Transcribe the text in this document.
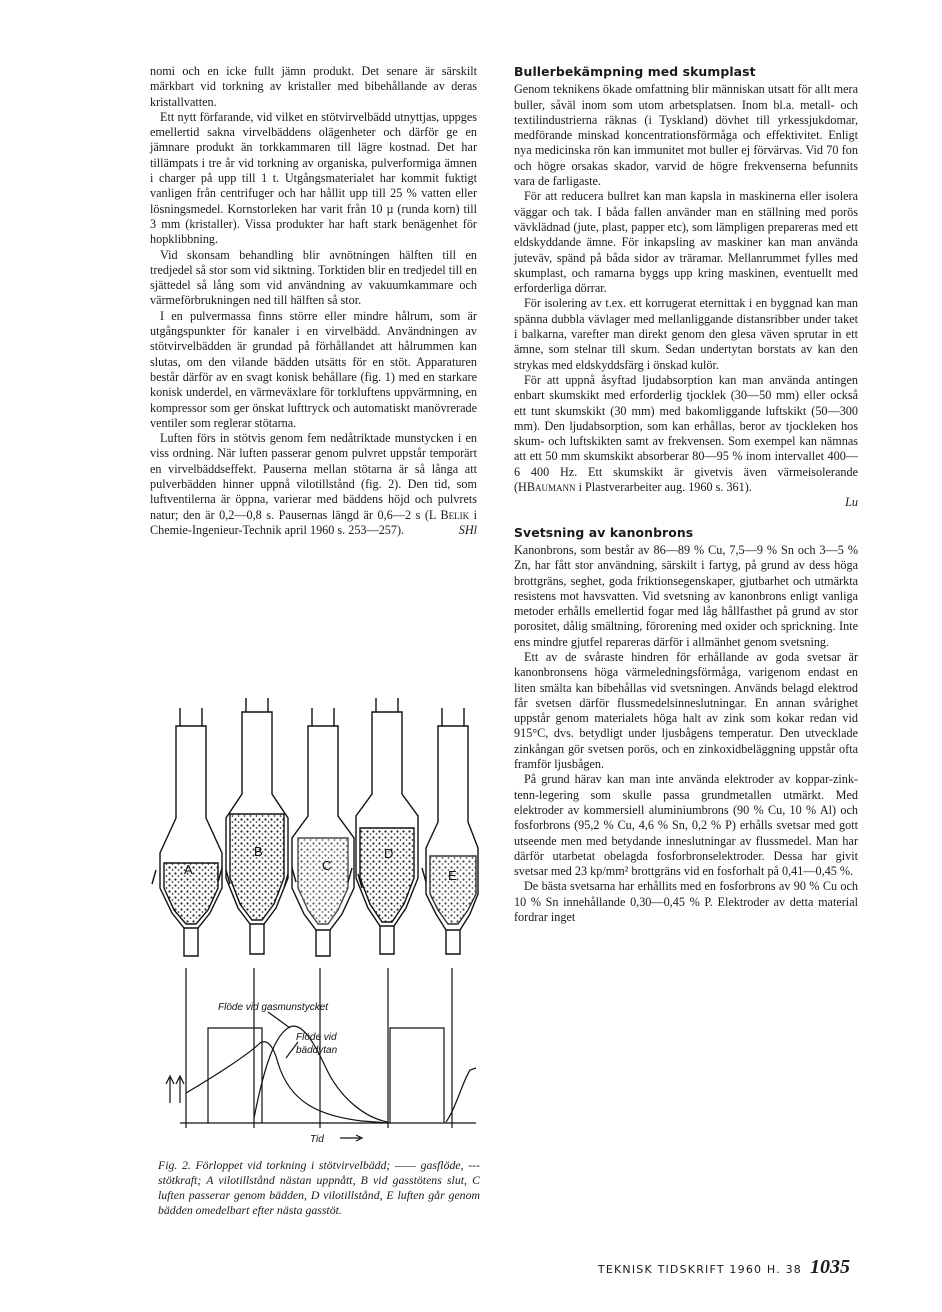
nomi och en icke fullt jämn produkt. Det senare är särskilt märkbart vid torkning av kristaller med bibehållande av deras kristallvatten.

Ett nytt förfarande, vid vilket en stötvirvelbädd utnyttjas, uppges emellertid sakna virvelbäddens olägenheter och därför ge en jämnare produkt än torkkammaren till lägre kostnad. Det har tillämpats i tre år vid torkning av organiska, pulverformiga ämnen i charger på upp till 1 t. Utgångsmaterialet har kommit fuktigt vanligen från centrifuger och har hållit upp till 25 % vatten eller lösningsmedel. Kornstorleken har varit från 10 µ (runda korn) till 3 mm (kristaller). Vissa produkter har haft stark benägenhet för hopklibbning.

Vid skonsam behandling blir avnötningen hälften till en tredjedel så stor som vid siktning. Torktiden blir en tredjedel till en sjättedel så lång som vid användning av vakuumkammare och värmeförbrukningen ned till hälften så stor.

I en pulvermassa finns större eller mindre hålrum, som är utgångspunkter för kanaler i en virvelbädd. Användningen av stötvirvelbädden är grundad på förhållandet att hålrummen kan slutas, om den vilande bädden utsätts för en stöt. Apparaturen består därför av en svagt konisk behållare (fig. 1) med en starkare konisk underdel, en värmeväxlare för torkluftens uppvärmning, en kompressor som ger önskat lufttryck och automatiskt manövrerade ventiler som reglerar stötarna.

Luften förs in stötvis genom fem nedåtriktade munstycken i en viss ordning. När luften passerar genom pulvret uppstår temporärt en virvelbäddseffekt. Pauserna mellan stötarna är så långa att pulverbädden hinner uppnå vilotillstånd (fig. 2). Den tid, som luftventilerna är öppna, varierar med bäddens höjd och pulvrets natur; den är 0,2—0,8 s. Pausernas längd är 0,6—2 s (L Belik i Chemie-Ingenieur-Technik april 1960 s. 253—257).	SHl

A
B
C
D
E
Flöde vid gasmunstycket
Flöde vid
bäddytan
Tid
Fig. 2. Förloppet vid torkning i stötvirvelbädd; —— gasflöde, --- stötkraft; A vilotillstånd nästan uppnått, B vid gasstötens slut, C luften passerar genom bädden, D vilotillstånd, E luften går genom bädden omedelbart efter nästa gasstöt.
Bullerbekämpning med skumplast

Genom teknikens ökade omfattning blir människan utsatt för allt mera buller, såväl inom som utom arbetsplatsen. Inom bl.a. metall- och textilindustrierna räknas (i Tyskland) dövhet till yrkessjukdomar, medförande minskad koncentrationsförmåga och effektivitet. Enligt nya medicinska rön kan immunitet mot buller ej förvärvas. Vid 70 fon och högre orsakas skador, varvid de högre frekvenserna befunnits vara de farligaste.

För att reducera bullret kan man kapsla in maskinerna eller isolera väggar och tak. I båda fallen använder man en ställning med porös vävklädnad (jute, plast, papper etc), som lämpligen prepareras med ett eldskyddande ämne. För inkapsling av maskiner kan man använda juteväv, spänd på båda sidor av träramar. Mellanrummet fylles med skumplast, och ramarna byggs upp kring maskinen, eventuellt med erforderliga dörrar.

För isolering av t.ex. ett korrugerat eternittak i en byggnad kan man spänna dubbla vävlager med mellanliggande distansribber under taket i balkarna, varefter man direkt genom den glesa väven sprutar in ett ämne, som stelnar till skum. Sedan undertytan borstats av kan den strykas med eldskyddsfärg i önskad kulör.

För att uppnå åsyftad ljudabsorption kan man använda antingen enbart skumskikt med erforderlig tjocklek (30—50 mm) eller också ett tunt skumskikt (30 mm) med bakomliggande luftskikt (50—300 mm). Den ljudabsorption, som kan erhållas, beror av tjockleken hos skum- och luftskikten samt av frekvensen. Som exempel kan nämnas att ett 50 mm skumskikt absorberar 80—95 % inom intervallet 400—6 400 Hz. Ett skumskikt är givetvis även värmeisolerande (HBaumann i Plastverarbeiter aug. 1960 s. 361).

Lu
Svetsning av kanonbrons

Kanonbrons, som består av 86—89 % Cu, 7,5—9 % Sn och 3—5 % Zn, har fått stor användning, särskilt i fartyg, på grund av dess höga brottgräns, seghet, goda friktionsegenskaper, gjutbarhet och utmärkta resistens mot havsvatten. Vid svetsning av kanonbrons enligt vanliga metoder erhålls emellertid fogar med låg hållfasthet på grund av stor porositet, dålig smältning, förorening med oxider och sprickning. Inte ens mindre gjutfel repareras därför i allmänhet genom svetsning.

Ett av de svåraste hindren för erhållande av goda svetsar är kanonbronsens höga värmeledningsförmåga, varigenom endast en liten smälta kan bibehållas vid svetsningen. Används belagd elektrod får svetsen därför flussmedelsinneslutningar. En annan svårighet uppstår genom materialets höga halt av zink som kokar redan vid 915°C, dvs. betydligt under ljusbågens temperatur. Den utvecklade zinkångan gör svetsen porös, och en zinkoxidbeläggning uppstår ofta framför ljusbågen.

På grund härav kan man inte använda elektroder av koppar-zink-tenn-legering som skulle passa grundmetallen utmärkt. Med elektroder av kommersiell aluminiumbrons (90 % Cu, 10 % Al) och fosforbrons (95,2 % Cu, 4,6 % Sn, 0,2 % P) erhålls svetsar med gott utseende men med betydande inneslutningar av flussmedel. Man har därför utarbetat obelagda fosforbronselektroder. Dessa har givit svetsar med 23 kp/mm² brottgräns vid en fosforhalt på 0,41—0,45 %.

De bästa svetsarna har erhållits med en fosforbrons av 90 % Cu och 10 % Sn innehållande 0,30—0,45 % P. Elektroder av detta material fordrar inget

TEKNISK TIDSKRIFT 1960 H. 38 1035
